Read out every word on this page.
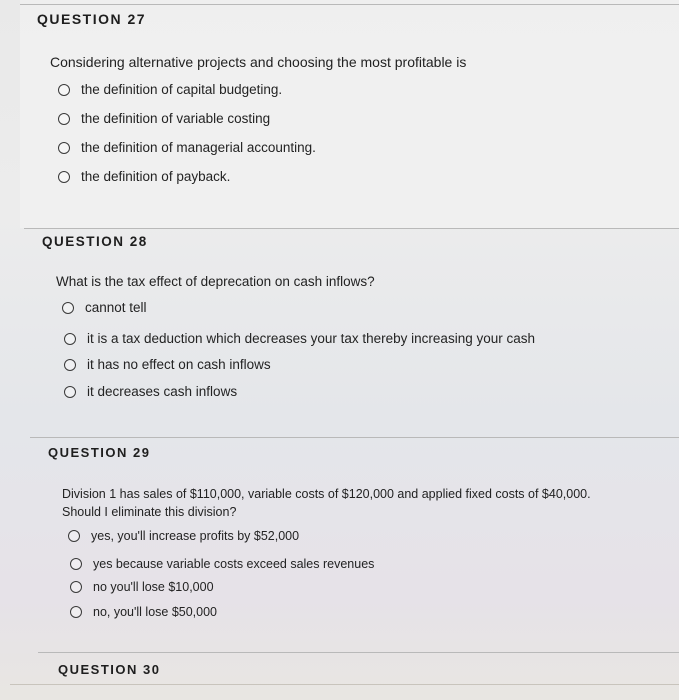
QUESTION 27
Considering alternative projects and choosing the most profitable is
the definition of capital budgeting.
the definition of variable costing
the definition of managerial accounting.
the definition of payback.
QUESTION 28
What is the tax effect of deprecation on cash inflows?
cannot tell
it is a tax deduction which decreases your tax thereby increasing your cash
it has no effect on cash inflows
it decreases cash inflows
QUESTION 29
Division 1 has sales of $110,000, variable costs of $120,000 and applied fixed costs of $40,000.
Should I eliminate this division?
yes, you'll increase profits by $52,000
yes because variable costs exceed sales revenues
no you'll lose $10,000
no, you'll lose $50,000
QUESTION 30
